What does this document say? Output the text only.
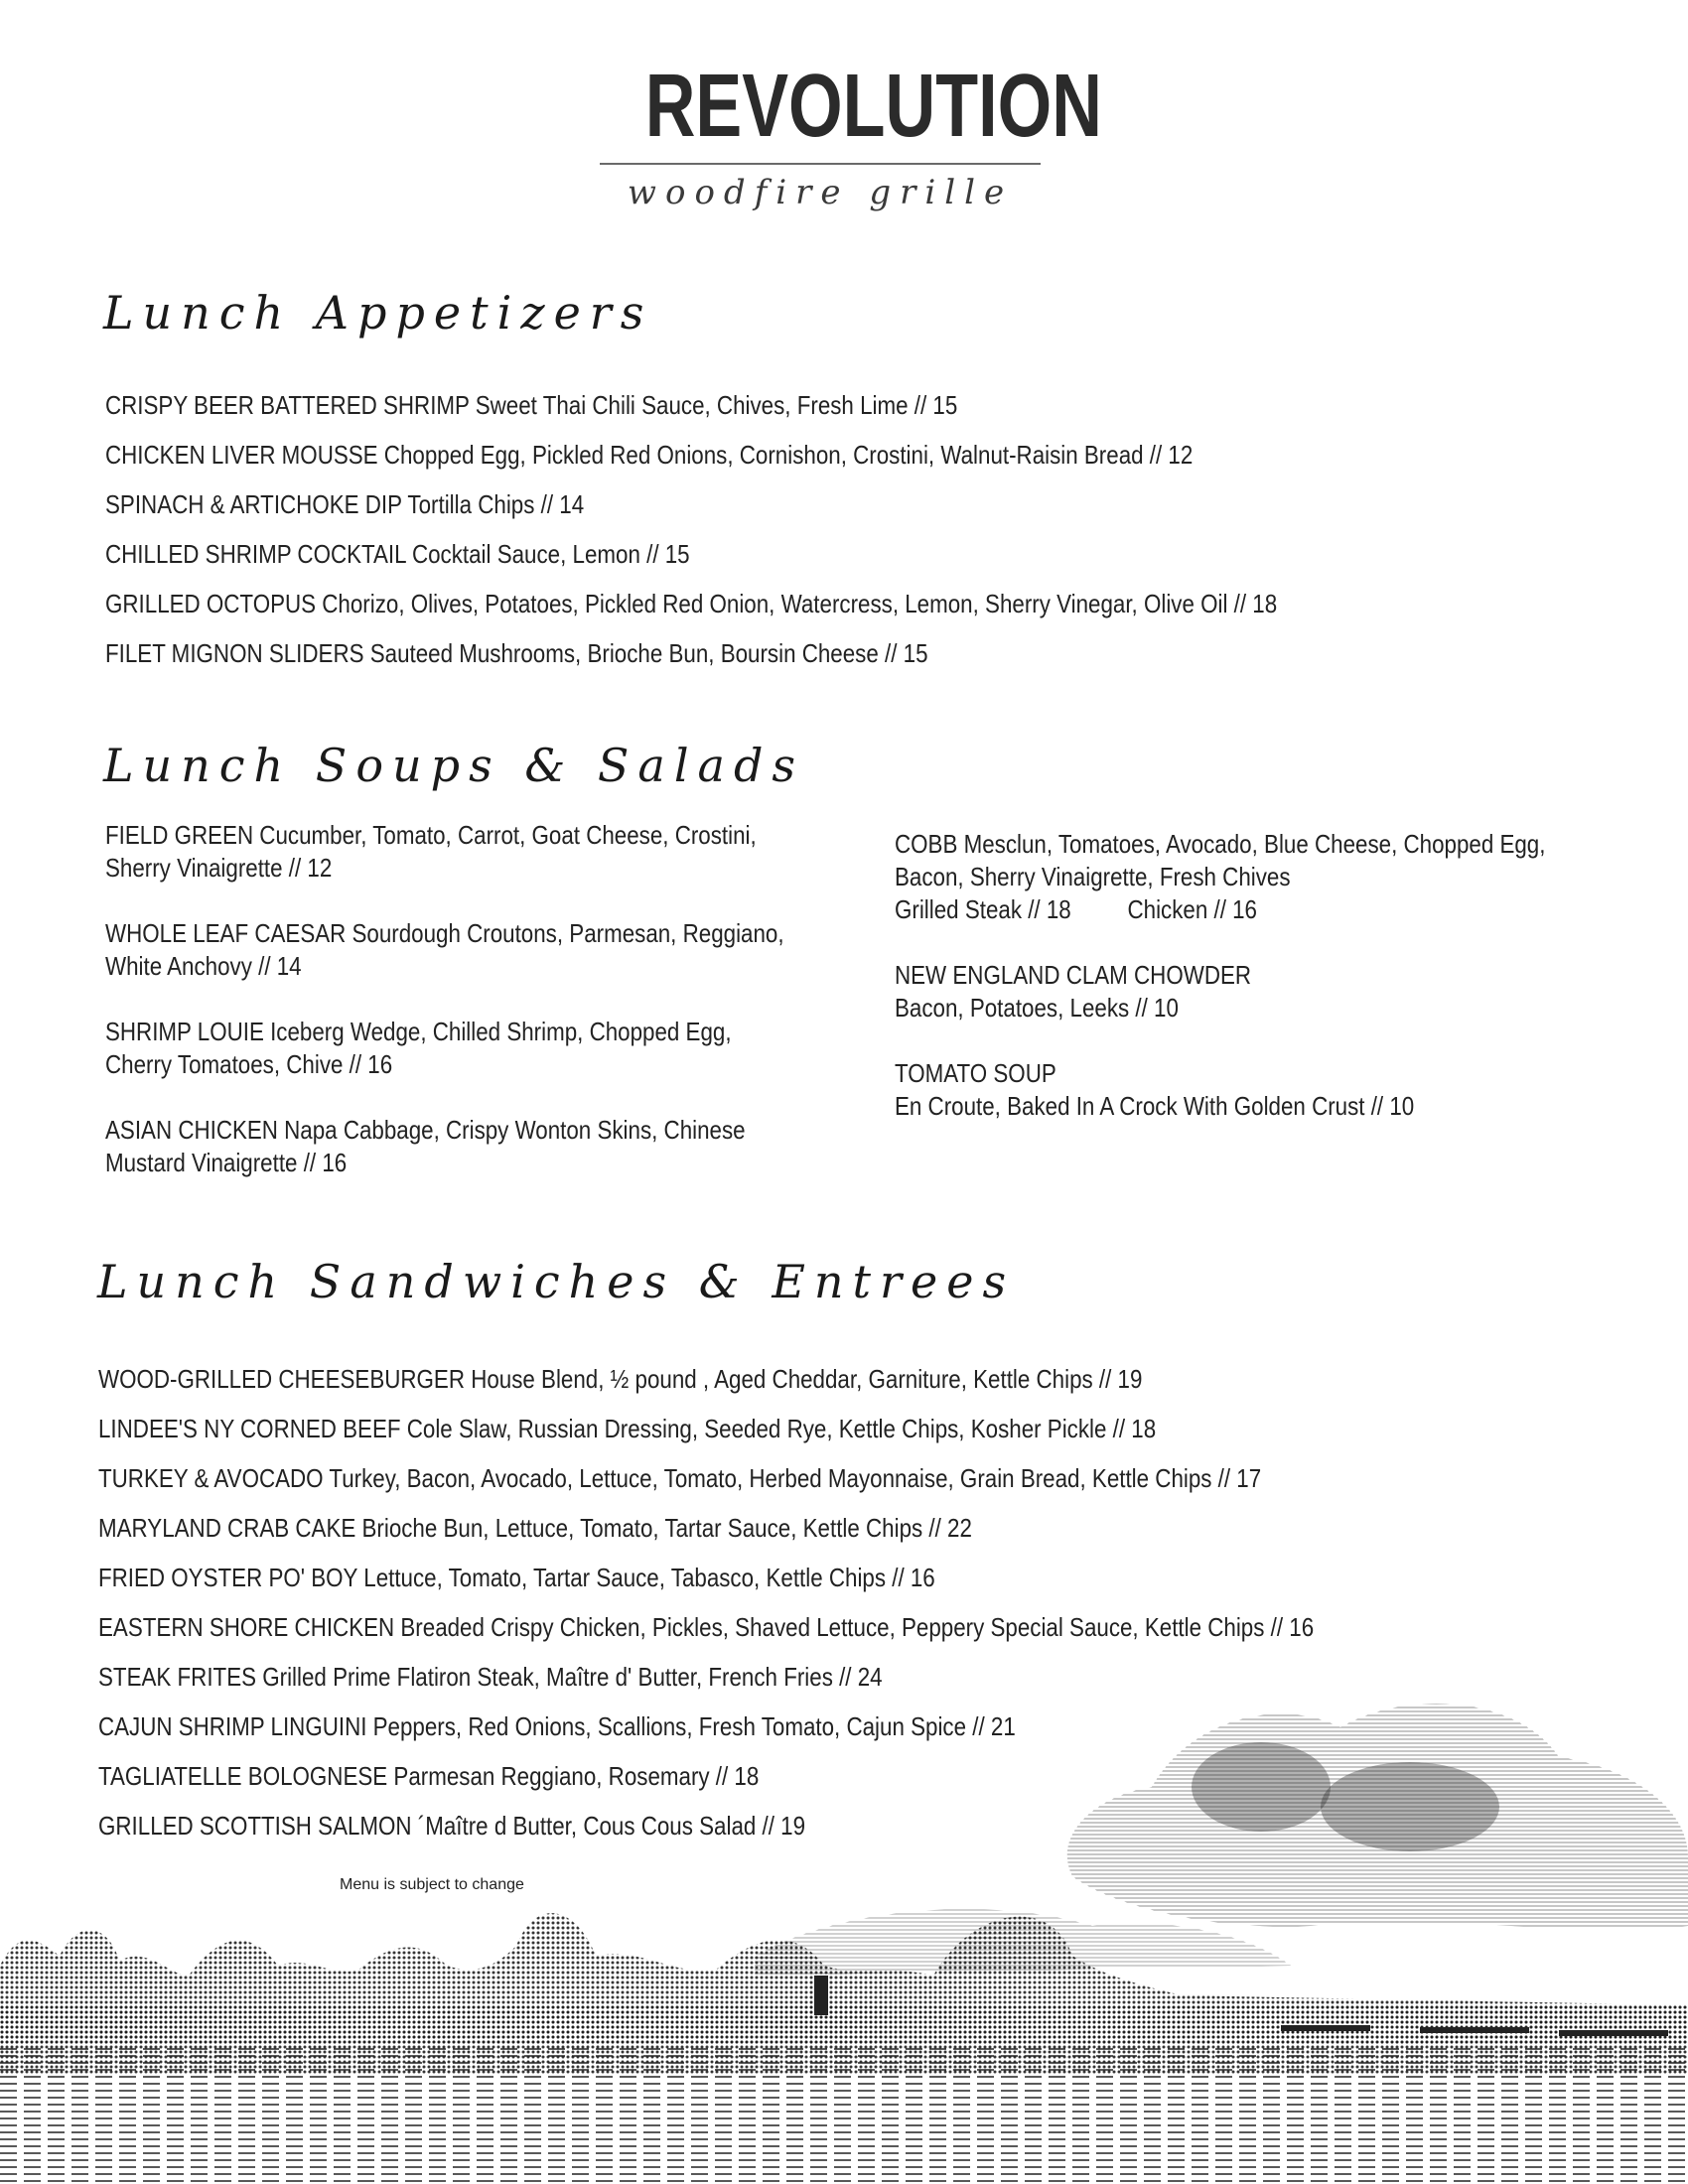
REVOLUTION
woodfire grille
Lunch Appetizers
CRISPY BEER BATTERED SHRIMP Sweet Thai Chili Sauce, Chives, Fresh Lime // 15
CHICKEN LIVER MOUSSE Chopped Egg, Pickled Red Onions, Cornishon, Crostini, Walnut-Raisin Bread // 12
SPINACH & ARTICHOKE DIP Tortilla Chips // 14
CHILLED SHRIMP COCKTAIL Cocktail Sauce, Lemon // 15
GRILLED OCTOPUS Chorizo, Olives, Potatoes, Pickled Red Onion, Watercress, Lemon, Sherry Vinegar, Olive Oil // 18
FILET MIGNON SLIDERS Sauteed Mushrooms, Brioche Bun, Boursin Cheese // 15
Lunch Soups & Salads
FIELD GREEN Cucumber, Tomato, Carrot, Goat Cheese, Crostini,
Sherry Vinaigrette // 12
WHOLE LEAF CAESAR Sourdough Croutons, Parmesan, Reggiano,
White Anchovy // 14
SHRIMP LOUIE Iceberg Wedge, Chilled Shrimp, Chopped Egg,
Cherry Tomatoes, Chive // 16
ASIAN CHICKEN Napa Cabbage, Crispy Wonton Skins, Chinese
Mustard Vinaigrette // 16
COBB Mesclun, Tomatoes, Avocado, Blue Cheese, Chopped Egg,
Bacon, Sherry Vinaigrette, Fresh Chives
Grilled Steak // 18 Chicken // 16
NEW ENGLAND CLAM CHOWDER
Bacon, Potatoes, Leeks // 10
TOMATO SOUP
En Croute, Baked In A Crock With Golden Crust // 10
Lunch Sandwiches & Entrees
WOOD-GRILLED CHEESEBURGER House Blend, ½ pound , Aged Cheddar, Garniture, Kettle Chips // 19
LINDEE'S NY CORNED BEEF Cole Slaw, Russian Dressing, Seeded Rye, Kettle Chips, Kosher Pickle // 18
TURKEY & AVOCADO Turkey, Bacon, Avocado, Lettuce, Tomato, Herbed Mayonnaise, Grain Bread, Kettle Chips // 17
MARYLAND CRAB CAKE Brioche Bun, Lettuce, Tomato, Tartar Sauce, Kettle Chips // 22
FRIED OYSTER PO' BOY Lettuce, Tomato, Tartar Sauce, Tabasco, Kettle Chips // 16
EASTERN SHORE CHICKEN Breaded Crispy Chicken, Pickles, Shaved Lettuce, Peppery Special Sauce, Kettle Chips // 16
STEAK FRITES Grilled Prime Flatiron Steak, Maître d' Butter, French Fries // 24
CAJUN SHRIMP LINGUINI Peppers, Red Onions, Scallions, Fresh Tomato, Cajun Spice // 21
TAGLIATELLE BOLOGNESE Parmesan Reggiano, Rosemary // 18
GRILLED SCOTTISH SALMON ´Maître d Butter, Cous Cous Salad // 19
Menu is subject to change
